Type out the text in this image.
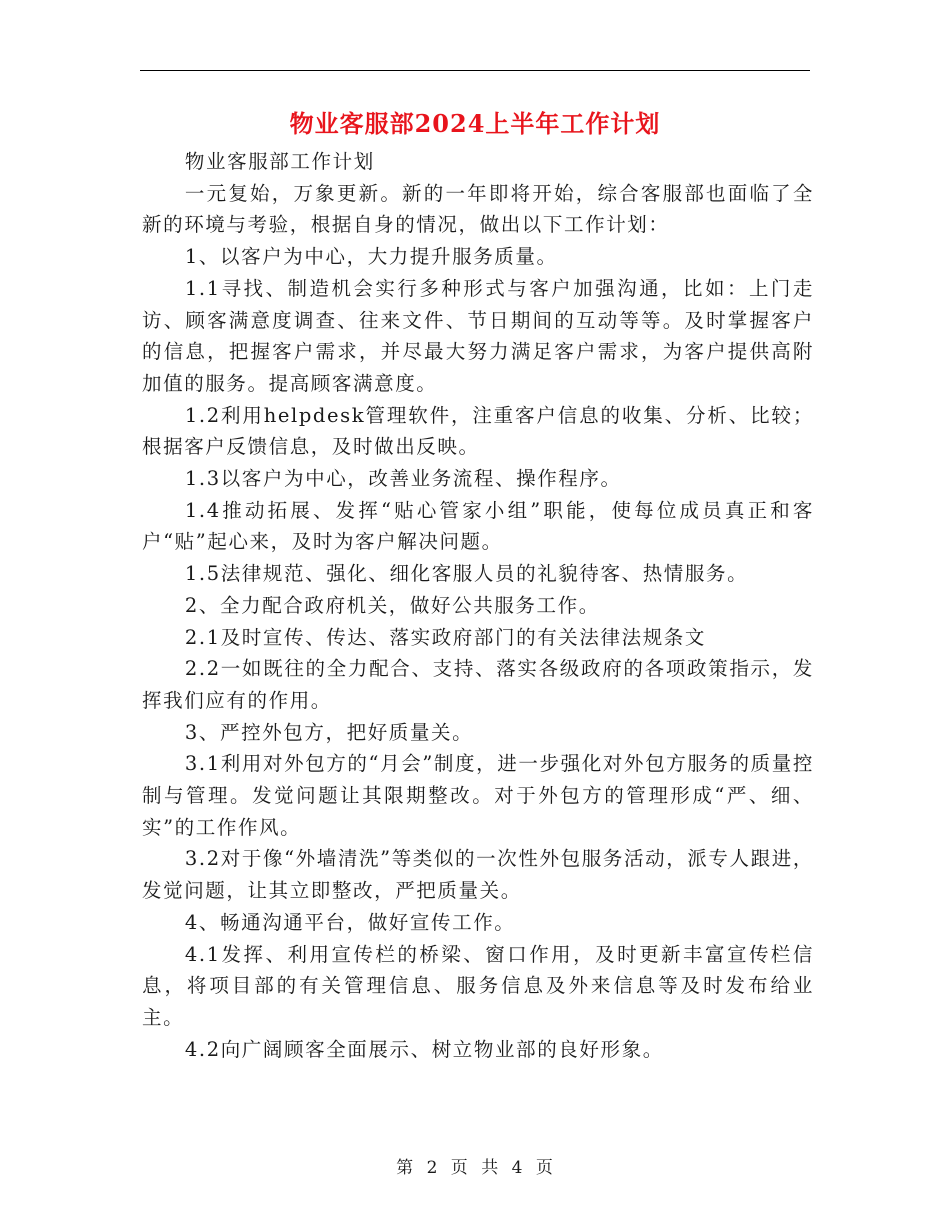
物业客服部2024上半年工作计划

物业客服部工作计划

一元复始，万象更新。新的一年即将开始，综合客服部也面临了全新的环境与考验，根据自身的情况，做出以下工作计划：

1、以客户为中心，大力提升服务质量。

1.1寻找、制造机会实行多种形式与客户加强沟通，比如：上门走访、顾客满意度调查、往来文件、节日期间的互动等等。及时掌握客户的信息，把握客户需求，并尽最大努力满足客户需求，为客户提供高附加值的服务。提高顾客满意度。

1.2利用helpdesk管理软件，注重客户信息的收集、分析、比较；根据客户反馈信息，及时做出反映。

1.3以客户为中心，改善业务流程、操作程序。

1.4推动拓展、发挥“贴心管家小组”职能，使每位成员真正和客户“贴”起心来，及时为客户解决问题。

1.5法律规范、强化、细化客服人员的礼貌待客、热情服务。

2、全力配合政府机关，做好公共服务工作。

2.1及时宣传、传达、落实政府部门的有关法律法规条文

2.2一如既往的全力配合、支持、落实各级政府的各项政策指示，发挥我们应有的作用。

3、严控外包方，把好质量关。

3.1利用对外包方的“月会”制度，进一步强化对外包方服务的质量控制与管理。发觉问题让其限期整改。对于外包方的管理形成“严、细、实”的工作作风。

3.2对于像“外墙清洗”等类似的一次性外包服务活动，派专人跟进，发觉问题，让其立即整改，严把质量关。

4、畅通沟通平台，做好宣传工作。

4.1发挥、利用宣传栏的桥梁、窗口作用，及时更新丰富宣传栏信息，将项目部的有关管理信息、服务信息及外来信息等及时发布给业主。

4.2向广阔顾客全面展示、树立物业部的良好形象。

第 2 页 共 4 页
